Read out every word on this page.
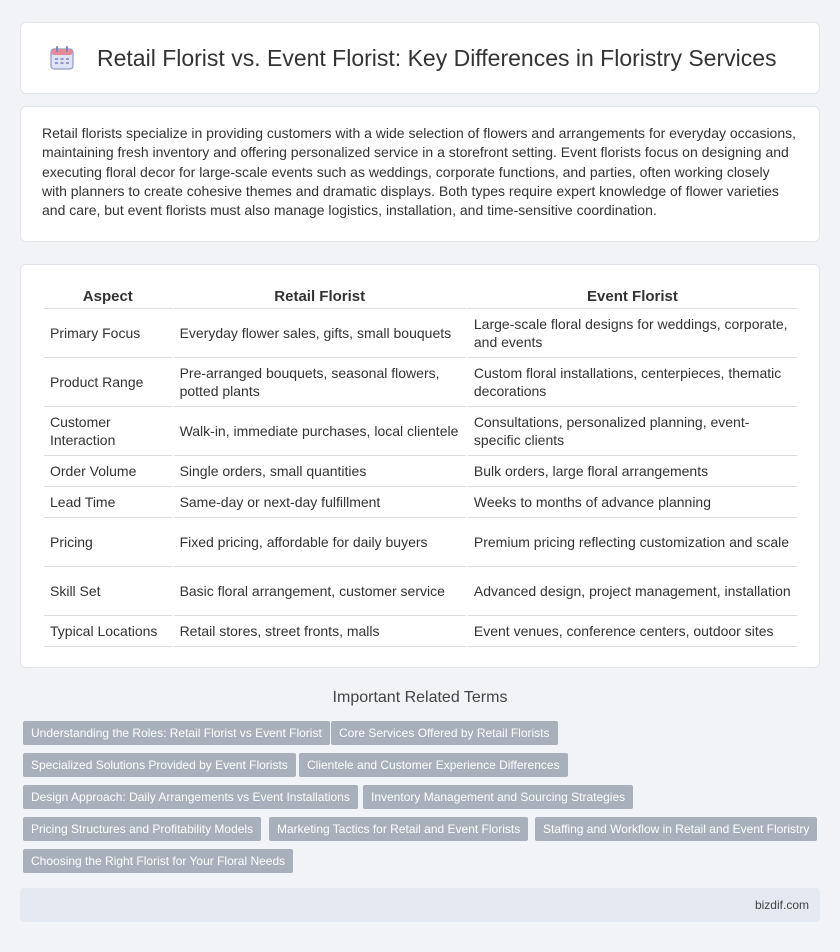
Retail Florist vs. Event Florist: Key Differences in Floristry Services

Retail florists specialize in providing customers with a wide selection of flowers and arrangements for everyday occasions, maintaining fresh inventory and offering personalized service in a storefront setting. Event florists focus on designing and executing floral decor for large-scale events such as weddings, corporate functions, and parties, often working closely with planners to create cohesive themes and dramatic displays. Both types require expert knowledge of flower varieties and care, but event florists must also manage logistics, installation, and time-sensitive coordination.

Aspect	Retail Florist	Event Florist
Primary Focus	Everyday flower sales, gifts, small bouquets	Large-scale floral designs for weddings, corporate, and events
Product Range	Pre-arranged bouquets, seasonal flowers, potted plants	Custom floral installations, centerpieces, thematic decorations
Customer Interaction	Walk-in, immediate purchases, local clientele	Consultations, personalized planning, event-specific clients
Order Volume	Single orders, small quantities	Bulk orders, large floral arrangements
Lead Time	Same-day or next-day fulfillment	Weeks to months of advance planning
Pricing	Fixed pricing, affordable for daily buyers	Premium pricing reflecting customization and scale
Skill Set	Basic floral arrangement, customer service	Advanced design, project management, installation
Typical Locations	Retail stores, street fronts, malls	Event venues, conference centers, outdoor sites
Important Related Terms
Understanding the Roles: Retail Florist vs Event Florist	Core Services Offered by Retail Florists
Specialized Solutions Provided by Event Florists	Clientele and Customer Experience Differences
Design Approach: Daily Arrangements vs Event Installations	Inventory Management and Sourcing Strategies
Pricing Structures and Profitability Models	Marketing Tactics for Retail and Event Florists	Staffing and Workflow in Retail and Event Floristry
Choosing the Right Florist for Your Floral Needs
bizdif.com
